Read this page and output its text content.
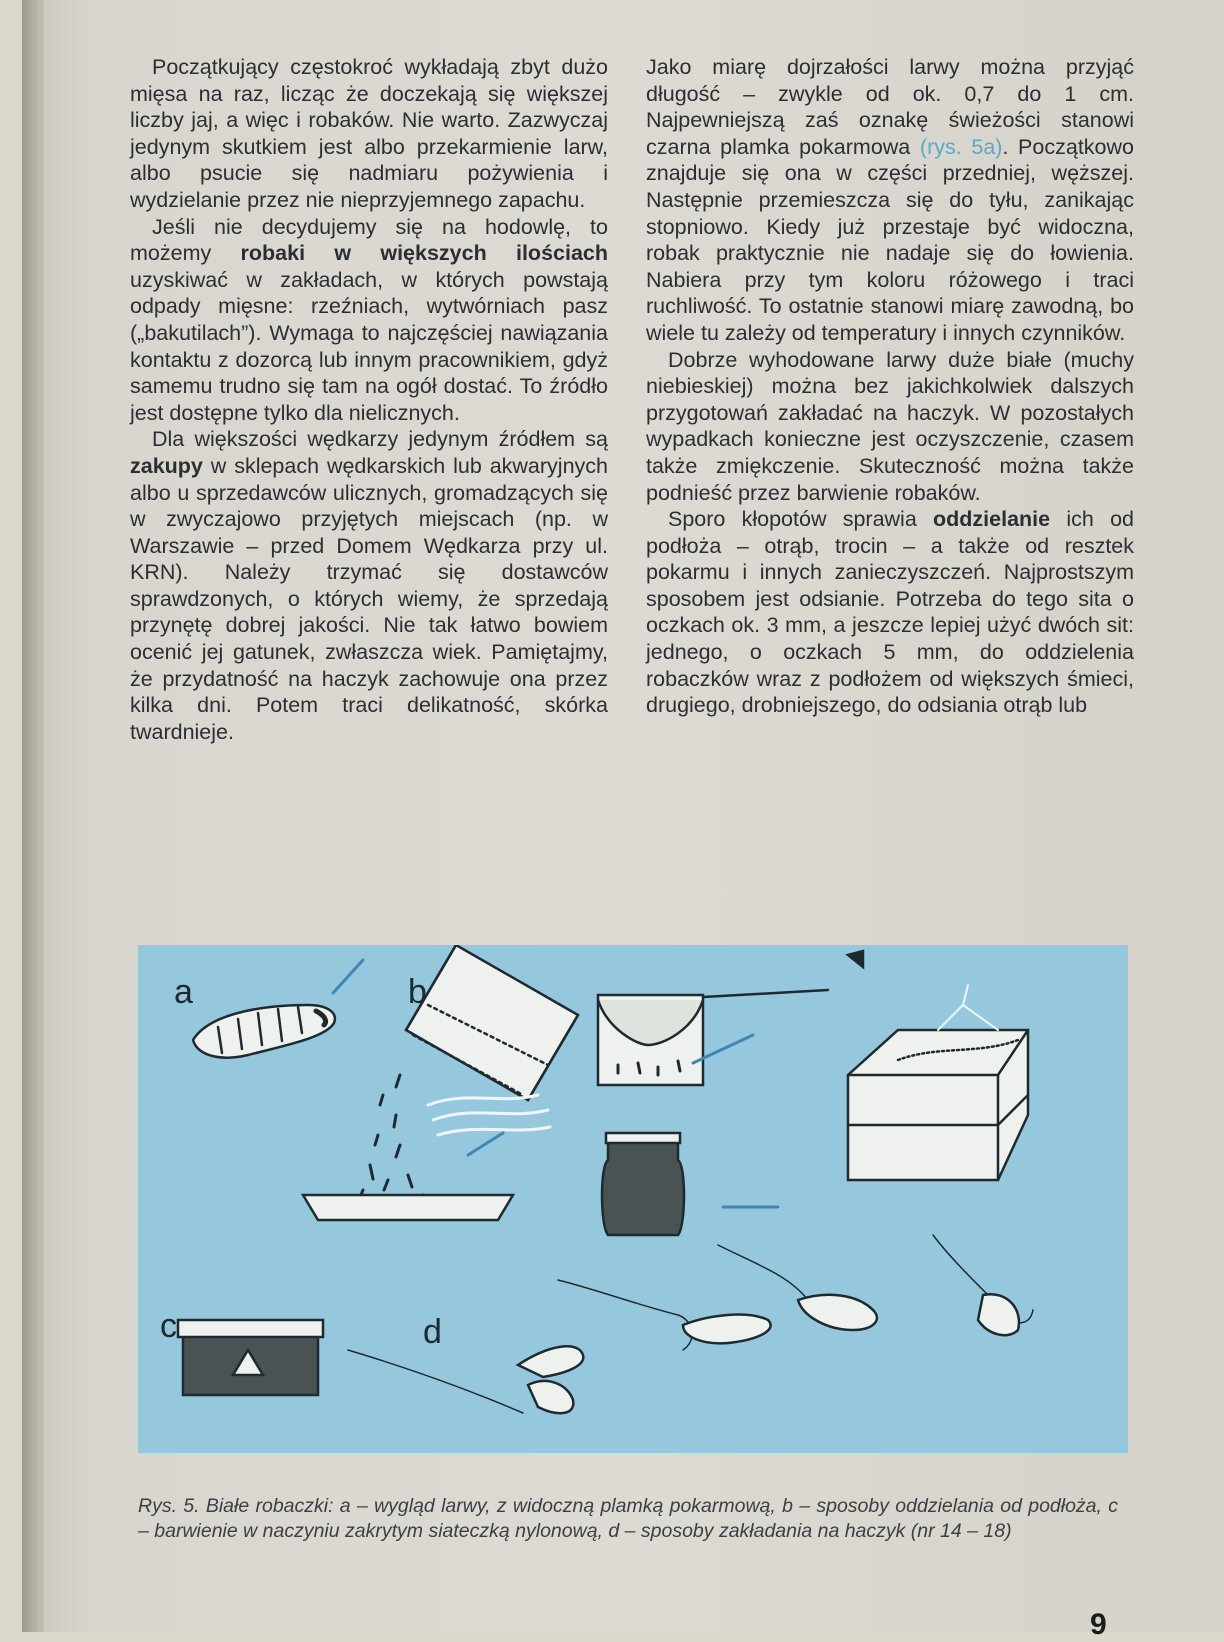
Początkujący częstokroć wykładają zbyt dużo mięsa na raz, licząc że doczekają się większej liczby jaj, a więc i robaków. Nie warto. Zazwyczaj jedynym skutkiem jest albo przekarmienie larw, albo psucie się nadmiaru pożywienia i wydzielanie przez nie nieprzyjemnego zapachu.

Jeśli nie decydujemy się na hodowlę, to możemy robaki w większych ilościach uzyskiwać w zakładach, w których powstają odpady mięsne: rzeźniach, wytwórniach pasz („bakutilach”). Wymaga to najczęściej nawiązania kontaktu z dozorcą lub innym pracownikiem, gdyż samemu trudno się tam na ogół dostać. To źródło jest dostępne tylko dla nielicznych.

Dla większości wędkarzy jedynym źródłem są zakupy w sklepach wędkarskich lub akwaryjnych albo u sprzedawców ulicznych, gromadzących się w zwyczajowo przyjętych miejscach (np. w Warszawie – przed Domem Wędkarza przy ul. KRN). Należy trzymać się dostawców sprawdzonych, o których wiemy, że sprzedają przynętę dobrej jakości. Nie tak łatwo bowiem ocenić jej gatunek, zwłaszcza wiek. Pamiętajmy, że przydatność na haczyk zachowuje ona przez kilka dni. Potem traci delikatność, skórka twardnieje.

Jako miarę dojrzałości larwy można przyjąć długość – zwykle od ok. 0,7 do 1 cm. Najpewniejszą zaś oznakę świeżości stanowi czarna plamka pokarmowa (rys. 5a). Początkowo znajduje się ona w części przedniej, węższej. Następnie przemieszcza się do tyłu, zanikając stopniowo. Kiedy już przestaje być widoczna, robak praktycznie nie nadaje się do łowienia. Nabiera przy tym koloru różowego i traci ruchliwość. To ostatnie stanowi miarę zawodną, bo wiele tu zależy od temperatury i innych czynników.

Dobrze wyhodowane larwy duże białe (muchy niebieskiej) można bez jakichkolwiek dalszych przygotowań zakładać na haczyk. W pozostałych wypadkach konieczne jest oczyszczenie, czasem także zmiękczenie. Skuteczność można także podnieść przez barwienie robaków.

Sporo kłopotów sprawia oddzielanie ich od podłoża – otrąb, trocin – a także od resztek pokarmu i innych zanieczyszczeń. Najprostszym sposobem jest odsianie. Potrzeba do tego sita o oczkach ok. 3 mm, a jeszcze lepiej użyć dwóch sit: jednego, o oczkach 5 mm, do oddzielenia robaczków wraz z podłożem od większych śmieci, drugiego, drobniejszego, do odsiania otrąb lub

a	b
c	d
Rys. 5. Białe robaczki: a – wygląd larwy, z widoczną plamką pokarmową, b – sposoby oddzielania od podłoża, c – barwienie w naczyniu zakrytym siateczką nylonową, d – sposoby zakładania na haczyk (nr 14 – 18)
9
